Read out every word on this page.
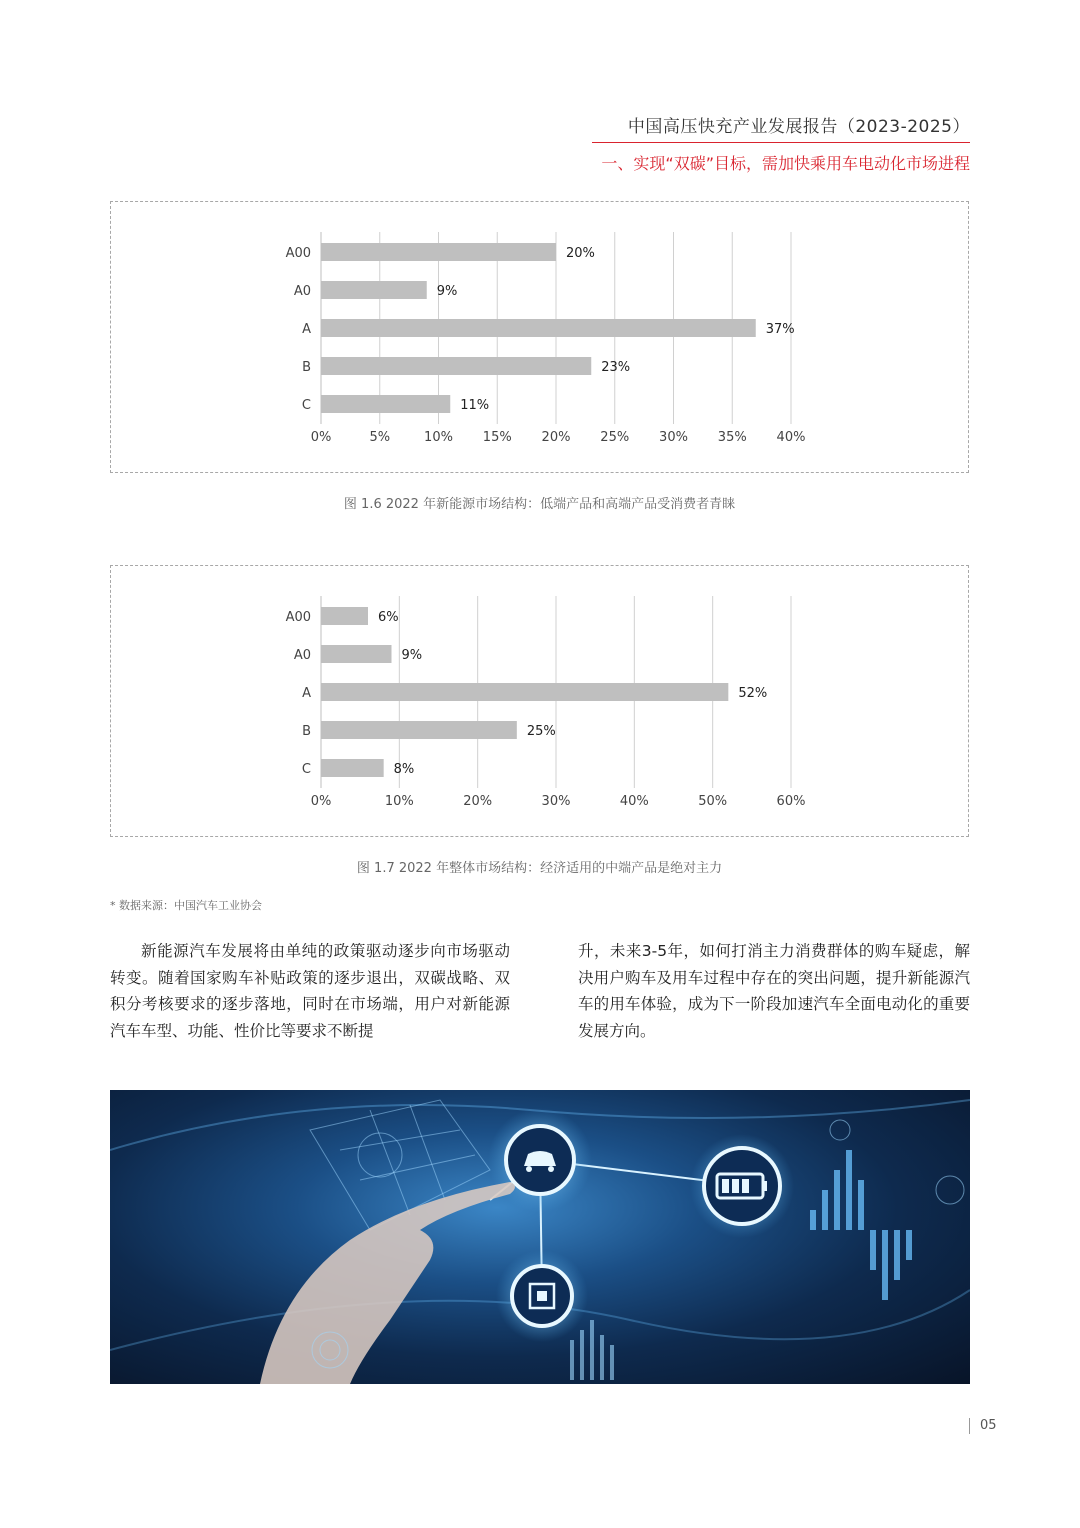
中国高压快充产业发展报告（2023-2025）
一、实现“双碳”目标，需加快乘用车电动化市场进程
0%	5%	10% 15% 20% 25% 30% 35% 40%
A00	20%
A0	9%
A	37%
B	23%
C	11%
图 1.6 2022 年新能源市场结构：低端产品和高端产品受消费者青睐
0%	10%	20%	30%	40%	50%	60%
A00	6%
A0	9%
A	52%
B	25%
C	8%
图 1.7 2022 年整体市场结构：经济适用的中端产品是绝对主力
* 数据来源：中国汽车工业协会
新能源汽车发展将由单纯的政策驱动逐步向市场驱动转变。随着国家购车补贴政策的逐步退出，双碳战略、双积分考核要求的逐步落地，同时在市场端，用户对新能源汽车车型、功能、性价比等要求不断提
升，未来3-5年，如何打消主力消费群体的购车疑虑，解决用户购车及用车过程中存在的突出问题，提升新能源汽车的用车体验，成为下一阶段加速汽车全面电动化的重要发展方向。
05
